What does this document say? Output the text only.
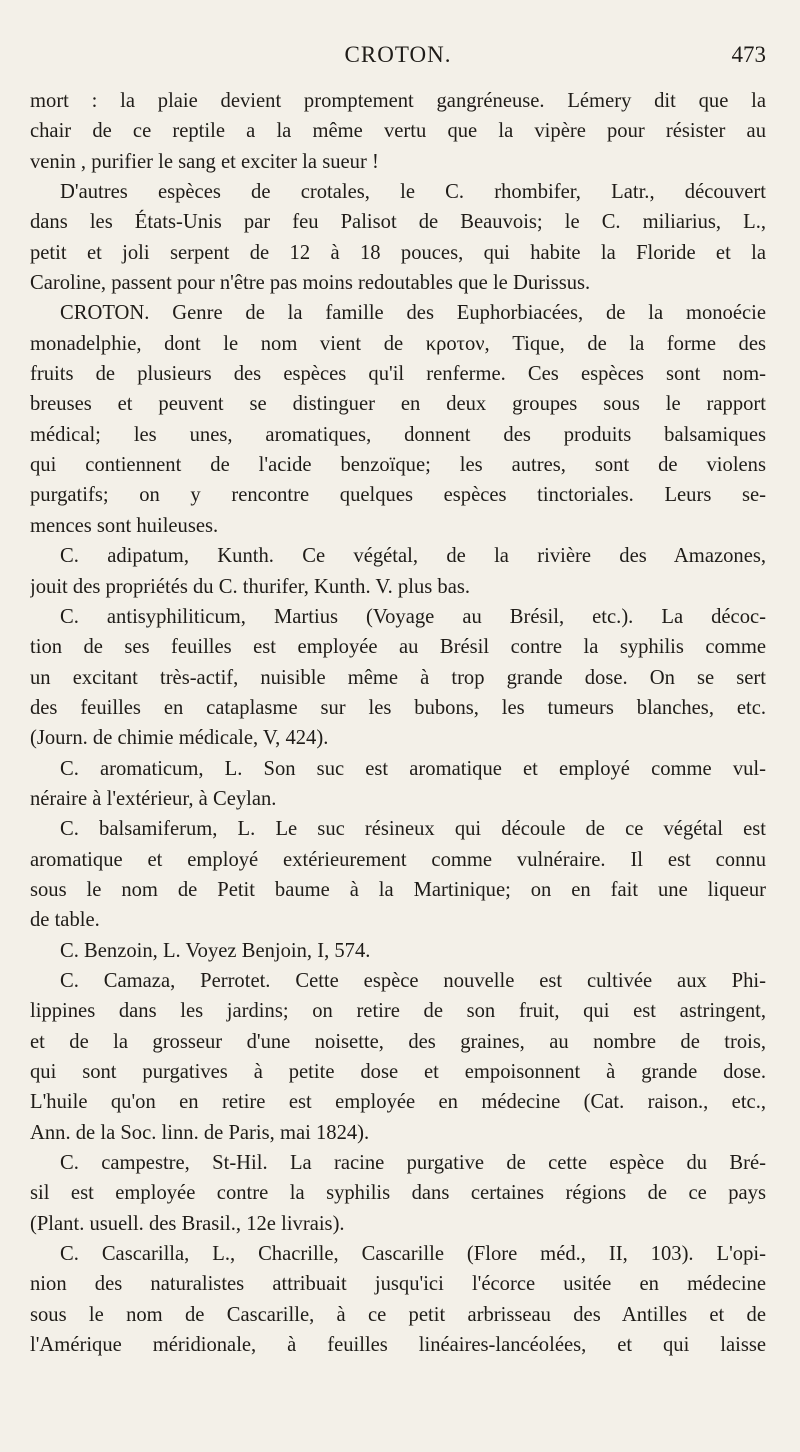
CROTON.	473
mort : la plaie devient promptement gangréneuse. Lémery dit que la
chair de ce reptile a la même vertu que la vipère pour résister au
venin , purifier le sang et exciter la sueur !
D'autres espèces de crotales, le C. rhombifer, Latr., découvert
dans les États-Unis par feu Palisot de Beauvois; le C. miliarius, L.,
petit et joli serpent de 12 à 18 pouces, qui habite la Floride et la
Caroline, passent pour n'être pas moins redoutables que le Durissus.
CROTON. Genre de la famille des Euphorbiacées, de la monoécie
monadelphie, dont le nom vient de κροτον, Tique, de la forme des
fruits de plusieurs des espèces qu'il renferme. Ces espèces sont nom-
breuses et peuvent se distinguer en deux groupes sous le rapport
médical; les unes, aromatiques, donnent des produits balsamiques
qui contiennent de l'acide benzoïque; les autres, sont de violens
purgatifs; on y rencontre quelques espèces tinctoriales. Leurs se-
mences sont huileuses.
C. adipatum, Kunth. Ce végétal, de la rivière des Amazones,
jouit des propriétés du C. thurifer, Kunth. V. plus bas.
C. antisyphiliticum, Martius (Voyage au Brésil, etc.). La décoc-
tion de ses feuilles est employée au Brésil contre la syphilis comme
un excitant très-actif, nuisible même à trop grande dose. On se sert
des feuilles en cataplasme sur les bubons, les tumeurs blanches, etc.
(Journ. de chimie médicale, V, 424).
C. aromaticum, L. Son suc est aromatique et employé comme vul-
néraire à l'extérieur, à Ceylan.
C. balsamiferum, L. Le suc résineux qui découle de ce végétal est
aromatique et employé extérieurement comme vulnéraire. Il est connu
sous le nom de Petit baume à la Martinique; on en fait une liqueur
de table.
C. Benzoin, L. Voyez Benjoin, I, 574.
C. Camaza, Perrotet. Cette espèce nouvelle est cultivée aux Phi-
lippines dans les jardins; on retire de son fruit, qui est astringent,
et de la grosseur d'une noisette, des graines, au nombre de trois,
qui sont purgatives à petite dose et empoisonnent à grande dose.
L'huile qu'on en retire est employée en médecine (Cat. raison., etc.,
Ann. de la Soc. linn. de Paris, mai 1824).
C. campestre, St-Hil. La racine purgative de cette espèce du Bré-
sil est employée contre la syphilis dans certaines régions de ce pays
(Plant. usuell. des Brasil., 12e livrais).
C. Cascarilla, L., Chacrille, Cascarille (Flore méd., II, 103). L'opi-
nion des naturalistes attribuait jusqu'ici l'écorce usitée en médecine
sous le nom de Cascarille, à ce petit arbrisseau des Antilles et de
l'Amérique méridionale, à feuilles linéaires-lancéolées, et qui laisse
